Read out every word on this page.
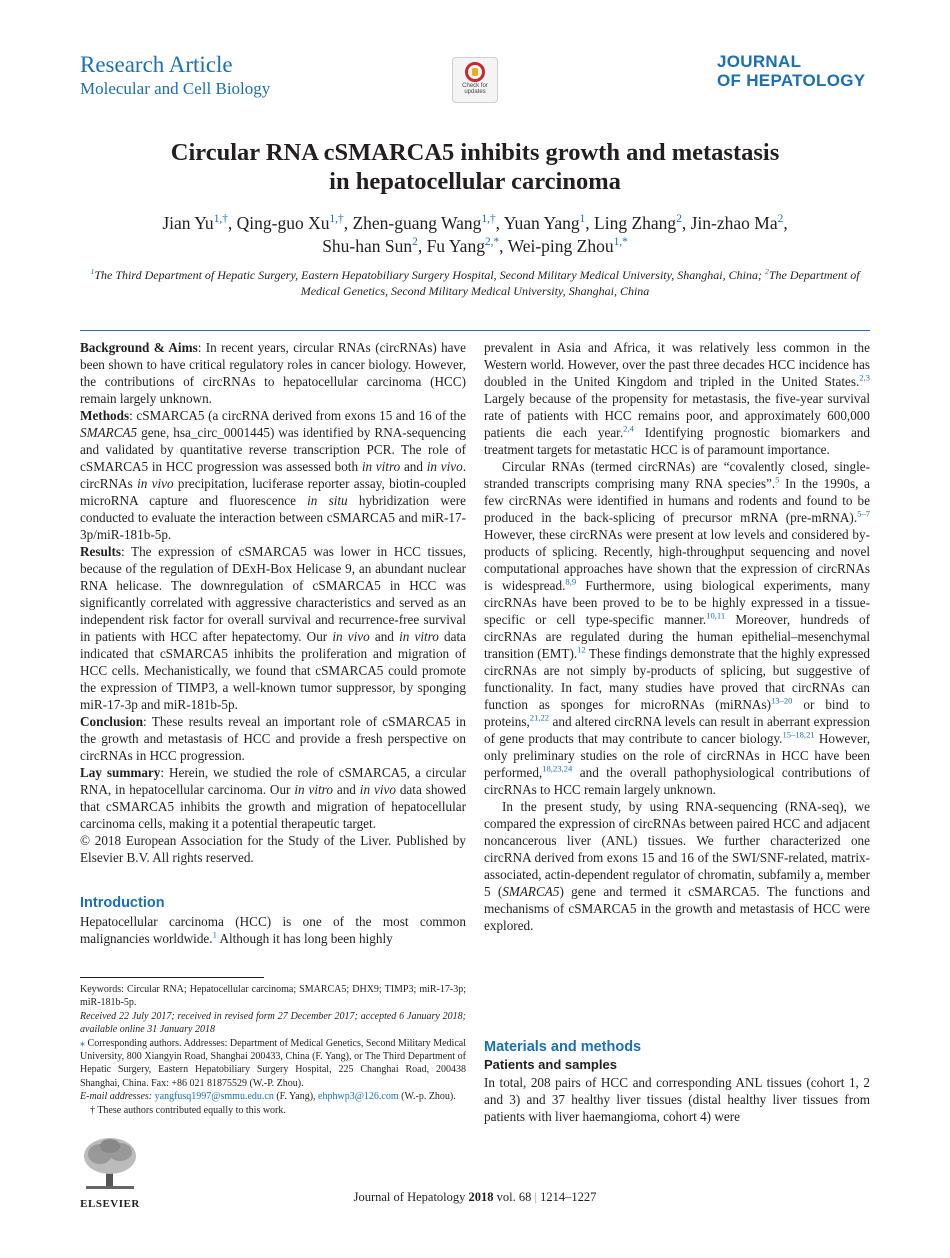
Research Article
Molecular and Cell Biology	Check for
updates
JOURNAL
OF HEPATOLOGY
Circular RNA cSMARCA5 inhibits growth and metastasis
in hepatocellular carcinoma
Jian $Yu^{1,\dagger}$, Qing-guo $Xu^{1,\dagger}$, Zhen-guang Wang$^{1,\dagger}$, Yuan Yang$^1$, Ling Zhang$^2$, Jin-zhao Ma$^2$,
Shu-han Sun$^2$, Fu Yang$^{2,*}$, Wei-ping Zhou$^{1,*}$
$^1$The Third Department of Hepatic Surgery, Eastern Hepatobiliary Surgery Hospital, Second Military Medical University, Shanghai, China; $^2$The Department of Medical Genetics, Second Military Medical University, Shanghai, China

Background & Aims: In recent years, circular RNAs (circRNAs) have been shown to have critical regulatory roles in cancer biology. However, the contributions of circRNAs to hepatocellular carcinoma (HCC) remain largely unknown.

Methods: cSMARCA5 (a circRNA derived from exons 15 and 16 of the SMARCA5 gene, hsa_circ_0001445) was identified by RNA-sequencing and validated by quantitative reverse transcription PCR. The role of cSMARCA5 in HCC progression was assessed both in vitro and in vivo. circRNAs in vivo precipitation, luciferase reporter assay, biotin-coupled microRNA capture and fluorescence in situ hybridization were conducted to evaluate the interaction between cSMARCA5 and miR-17-3p/miR-181b-5p.

Results: The expression of cSMARCA5 was lower in HCC tissues, because of the regulation of DExH-Box Helicase 9, an abundant nuclear RNA helicase. The downregulation of cSMARCA5 in HCC was significantly correlated with aggressive characteristics and served as an independent risk factor for overall survival and recurrence-free survival in patients with HCC after hepatectomy. Our in vivo and in vitro data indicated that cSMARCA5 inhibits the proliferation and migration of HCC cells. Mechanistically, we found that cSMARCA5 could promote the expression of TIMP3, a well-known tumor suppressor, by sponging miR-17-3p and miR-181b-5p.

Conclusion: These results reveal an important role of cSMARCA5 in the growth and metastasis of HCC and provide a fresh perspective on circRNAs in HCC progression.

Lay summary: Herein, we studied the role of cSMARCA5, a circular RNA, in hepatocellular carcinoma. Our in vitro and in vivo data showed that cSMARCA5 inhibits the growth and migration of hepatocellular carcinoma cells, making it a potential therapeutic target.

© 2018 European Association for the Study of the Liver. Published by Elsevier B.V. All rights reserved.

Introduction

Hepatocellular carcinoma (HCC) is one of the most common malignancies worldwide.$^1$ Although it has long been highly

Keywords: Circular RNA; Hepatocellular carcinoma; SMARCA5; DHX9; TIMP3; miR-17-3p; miR-181b-5p.

Received 22 July 2017; received in revised form 27 December 2017; accepted 6 January 2018; available online 31 January 2018

⁎ Corresponding authors. Addresses: Department of Medical Genetics, Second Military Medical University, 800 Xiangyin Road, Shanghai 200433, China (F. Yang), or The Third Department of Hepatic Surgery, Eastern Hepatobiliary Surgery Hospital, 225 Changhai Road, 200438 Shanghai, China. Fax: +86 021 81875529 (W.-P. Zhou).

E-mail addresses: yangfusq1997@smmu.edu.cn (F. Yang), ehphwp3@126.com (W.-p. Zhou).

† These authors contributed equally to this work.

prevalent in Asia and Africa, it was relatively less common in the Western world. However, over the past three decades HCC incidence has doubled in the United Kingdom and tripled in the United States.$^{2,3}$ Largely because of the propensity for metastasis, the five-year survival rate of patients with HCC remains poor, and approximately 600,000 patients die each year.$^{2,4}$ Identifying prognostic biomarkers and treatment targets for metastatic HCC is of paramount importance.

Circular RNAs (termed circRNAs) are “covalently closed, single-stranded transcripts comprising many RNA species”.$^5$ In the 1990s, a few circRNAs were identified in humans and rodents and found to be produced in the back-splicing of precursor mRNA (pre-mRNA).$^{5-7}$ However, these circRNAs were present at low levels and considered by-products of splicing. Recently, high-throughput sequencing and novel computational approaches have shown that the expression of circRNAs is widespread.$^{8,9}$ Furthermore, using biological experiments, many circRNAs have been proved to be to be highly expressed in a tissue-specific or cell type-specific manner.$^{10,11}$ Moreover, hundreds of circRNAs are regulated during the human epithelial–mesenchymal transition (EMT).$^{12}$ These findings demonstrate that the highly expressed circRNAs are not simply by-products of splicing, but suggestive of functionality. In fact, many studies have proved that circRNAs can function as sponges for microRNAs (miRNAs)$^{13-20}$ or bind to proteins,$^{21,22}$ and altered circRNA levels can result in aberrant expression of gene products that may contribute to cancer biology.$^{15-18,21}$ However, only preliminary studies on the role of circRNAs in HCC have been performed,$^{18,23,24}$ and the overall pathophysiological contributions of circRNAs to HCC remain largely unknown.

In the present study, by using RNA-sequencing (RNA-seq), we compared the expression of circRNAs between paired HCC and adjacent noncancerous liver (ANL) tissues. We further characterized one circRNA derived from exons 15 and 16 of the SWI/SNF-related, matrix-associated, actin-dependent regulator of chromatin, subfamily a, member 5 (SMARCA5) gene and termed it cSMARCA5. The functions and mechanisms of cSMARCA5 in the growth and metastasis of HCC were explored.

Materials and methods
Patients and samples

In total, 208 pairs of HCC and corresponding ANL tissues (cohort 1, 2 and 3) and 37 healthy liver tissues (distal healthy liver tissues from patients with liver haemangioma, cohort 4) were

ELSEVIER	Journal of Hepatology 2018 vol. 68 | 1214–1227
